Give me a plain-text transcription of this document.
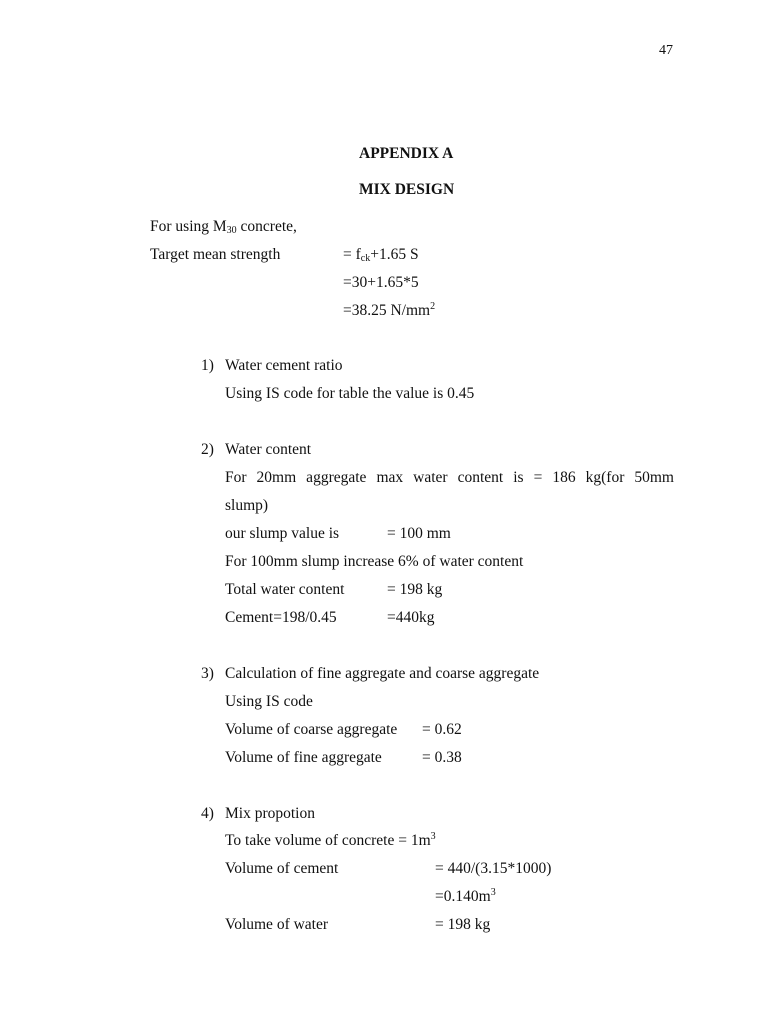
47
APPENDIX A
MIX DESIGN
For using $M_{30}$ concrete,
Target mean strength	= $f_{ck}+1.65$ S
=30+1.65*5
=38.25 $N/mm^2$
1) Water cement ratio
Using IS code for table the value is 0.45
2) Water content
For 20mm aggregate max water content is = 186 kg(for 50mm
slump)
our slump value is	= 100 mm
For 100mm slump increase 6% of water content
Total water content	= 198 kg
Cement=198/0.45	=440kg
3) Calculation of fine aggregate and coarse aggregate
Using IS code
Volume of coarse aggregate = 0.62
Volume of fine aggregate	= 0.38
4) Mix propotion
To take volume of concrete = $1m^3$
Volume of cement	= 440/(3.15*1000)
$=0.140m^3$
Volume of water	= 198 kg
